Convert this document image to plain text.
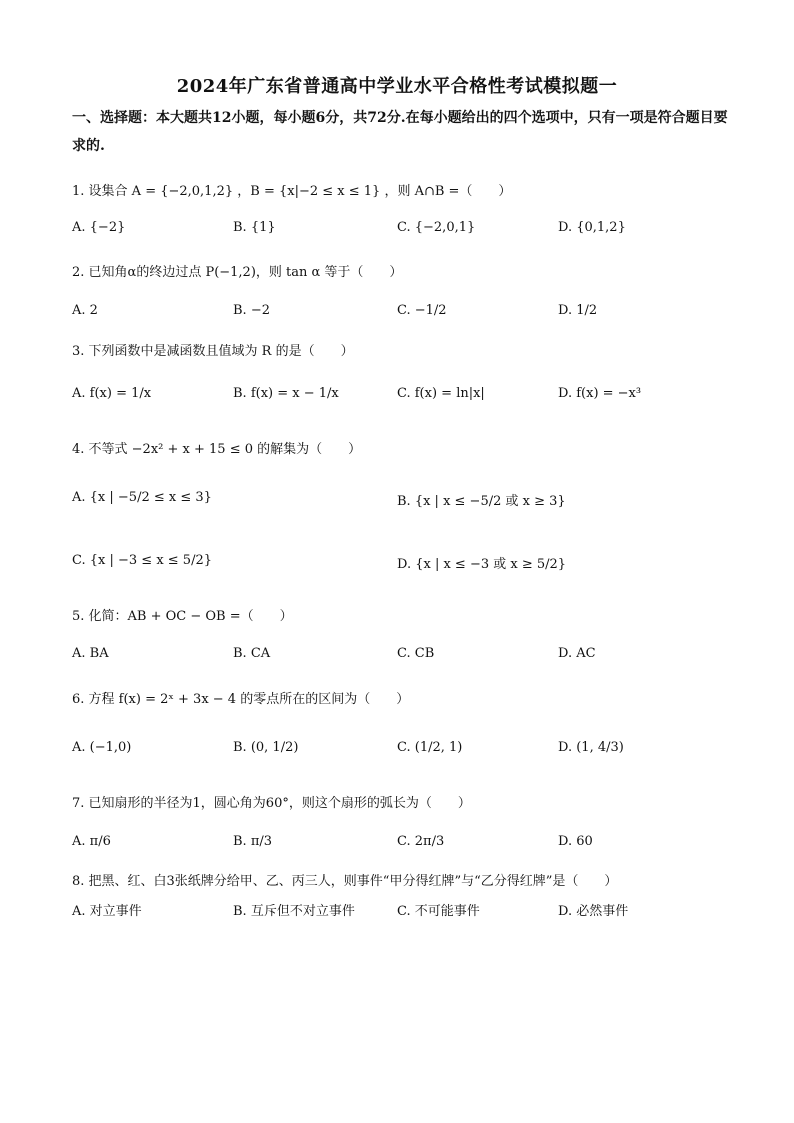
2024年广东省普通高中学业水平合格性考试模拟题一
一、选择题：本大题共12小题，每小题6分，共72分.在每小题给出的四个选项中，只有一项是符合题目要求的.
1. 设集合 A = {−2,0,1,2} ，B = {x|−2 ≤ x ≤ 1} ，则 A∩B =（　　）
A. {−2}	B. {1}	C. {−2,0,1}	D. {0,1,2}
2. 已知角α的终边过点 P(−1,2)，则 tan α 等于（　　）
A. 2	B. −2	C. −1/2	D. 1/2
3. 下列函数中是减函数且值域为 R 的是（　　）
A. f(x) = 1/x	B. f(x) = x − 1/x	C. f(x) = ln|x|	D. f(x) = −x³
4. 不等式 −2x² + x + 15 ≤ 0 的解集为（　　）
A. {x | −5/2 ≤ x ≤ 3}	B. {x | x ≤ −5/2 或 x ≥ 3}
C. {x | −3 ≤ x ≤ 5/2}	D. {x | x ≤ −3 或 x ≥ 5/2}
5. 化简：AB + OC − OB =（　　）
A. BA	B. CA	C. CB	D. AC
6. 方程 f(x) = 2ˣ + 3x − 4 的零点所在的区间为（　　）
A. (−1,0)	B. (0, 1/2)	C. (1/2, 1)	D. (1, 4/3)
7. 已知扇形的半径为1，圆心角为60°，则这个扇形的弧长为（　　）
A. π/6	B. π/3	C. 2π/3	D. 60
8. 把黑、红、白3张纸牌分给甲、乙、丙三人，则事件“甲分得红牌”与“乙分得红牌”是（　　）
A. 对立事件	B. 互斥但不对立事件	C. 不可能事件	D. 必然事件
